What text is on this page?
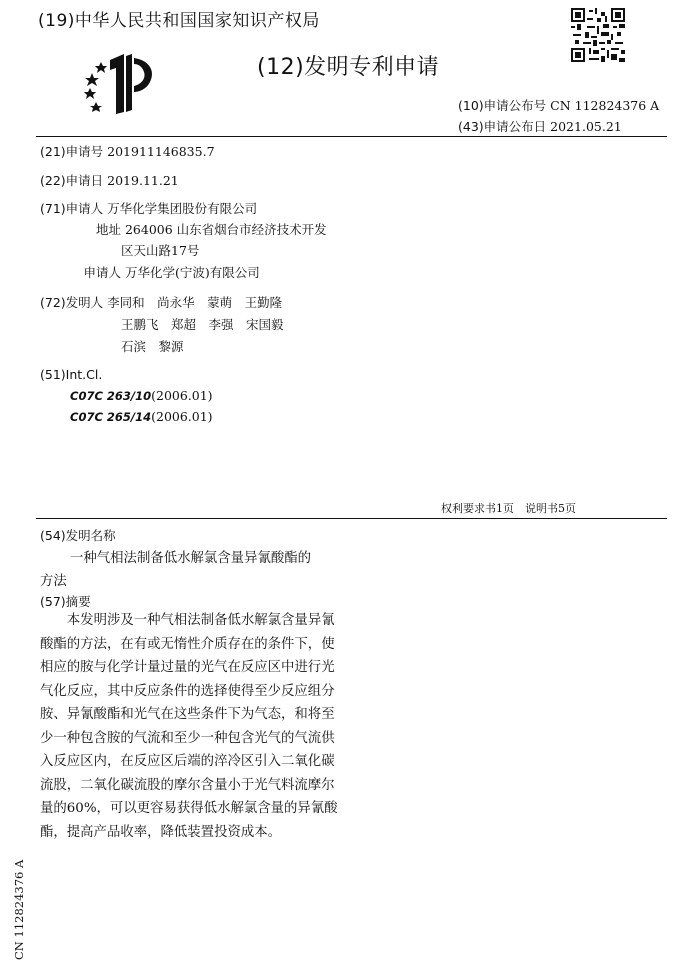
(19)中华人民共和国国家知识产权局
(12)发明专利申请
(10)申请公布号 CN 112824376 A
(43)申请公布日 2021.05.21
(21)申请号 201911146835.7
(22)申请日 2019.11.21
(71)申请人 万华化学集团股份有限公司
地址 264006 山东省烟台市经济技术开发
区天山路17号
申请人 万华化学(宁波)有限公司
(72)发明人 李同和　尚永华　蒙萌　王勤隆
王鹏飞　郑超　李强　宋国毅
石滨　黎源
(51)Int.Cl.
C07C 263/10(2006.01)
C07C 265/14(2006.01)
权利要求书1页　说明书5页
(54)发明名称
一种气相法制备低水解氯含量异氰酸酯的
方法
(57)摘要
本发明涉及一种气相法制备低水解氯含量异氰酸酯的方法，在有或无惰性介质存在的条件下，使相应的胺与化学计量过量的光气在反应区中进行光气化反应，其中反应条件的选择使得至少反应组分胺、异氰酸酯和光气在这些条件下为气态，和将至少一种包含胺的气流和至少一种包含光气的气流供入反应区内，在反应区后端的淬冷区引入二氧化碳流股，二氧化碳流股的摩尔含量小于光气料流摩尔量的60%，可以更容易获得低水解氯含量的异氰酸酯，提高产品收率，降低装置投资成本。
CN 112824376 A
